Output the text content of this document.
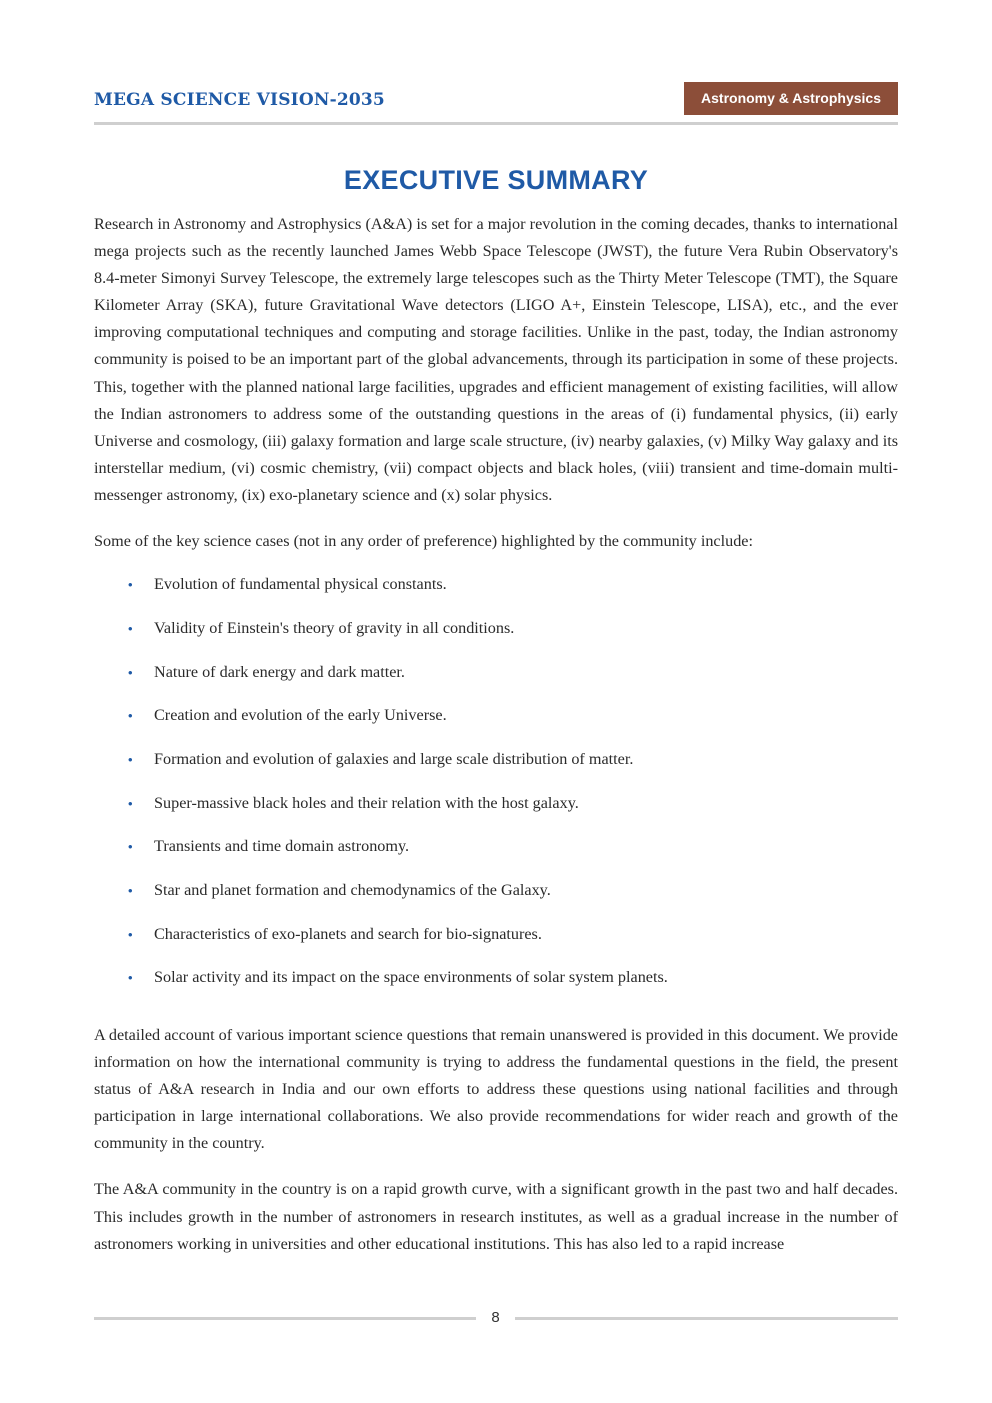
MEGA SCIENCE VISION-2035	Astronomy & Astrophysics
EXECUTIVE SUMMARY

Research in Astronomy and Astrophysics (A&A) is set for a major revolution in the coming decades, thanks to international mega projects such as the recently launched James Webb Space Telescope (JWST), the future Vera Rubin Observatory's 8.4-meter Simonyi Survey Telescope, the extremely large telescopes such as the Thirty Meter Telescope (TMT), the Square Kilometer Array (SKA), future Gravitational Wave detectors (LIGO A+, Einstein Telescope, LISA), etc., and the ever improving computational techniques and computing and storage facilities. Unlike in the past, today, the Indian astronomy community is poised to be an important part of the global advancements, through its participation in some of these projects. This, together with the planned national large facilities, upgrades and efficient management of existing facilities, will allow the Indian astronomers to address some of the outstanding questions in the areas of (i) fundamental physics, (ii) early Universe and cosmology, (iii) galaxy formation and large scale structure, (iv) nearby galaxies, (v) Milky Way galaxy and its interstellar medium, (vi) cosmic chemistry, (vii) compact objects and black holes, (viii) transient and time-domain multi-messenger astronomy, (ix) exo-planetary science and (x) solar physics.

Some of the key science cases (not in any order of preference) highlighted by the community include:

• Evolution of fundamental physical constants.
• Validity of Einstein's theory of gravity in all conditions.
• Nature of dark energy and dark matter.
• Creation and evolution of the early Universe.
• Formation and evolution of galaxies and large scale distribution of matter.
• Super-massive black holes and their relation with the host galaxy.
• Transients and time domain astronomy.
• Star and planet formation and chemodynamics of the Galaxy.
• Characteristics of exo-planets and search for bio-signatures.
• Solar activity and its impact on the space environments of solar system planets.

A detailed account of various important science questions that remain unanswered is provided in this document. We provide information on how the international community is trying to address the fundamental questions in the field, the present status of A&A research in India and our own efforts to address these questions using national facilities and through participation in large international collaborations. We also provide recommendations for wider reach and growth of the community in the country.

The A&A community in the country is on a rapid growth curve, with a significant growth in the past two and half decades. This includes growth in the number of astronomers in research institutes, as well as a gradual increase in the number of astronomers working in universities and other educational institutions. This has also led to a rapid increase

8
